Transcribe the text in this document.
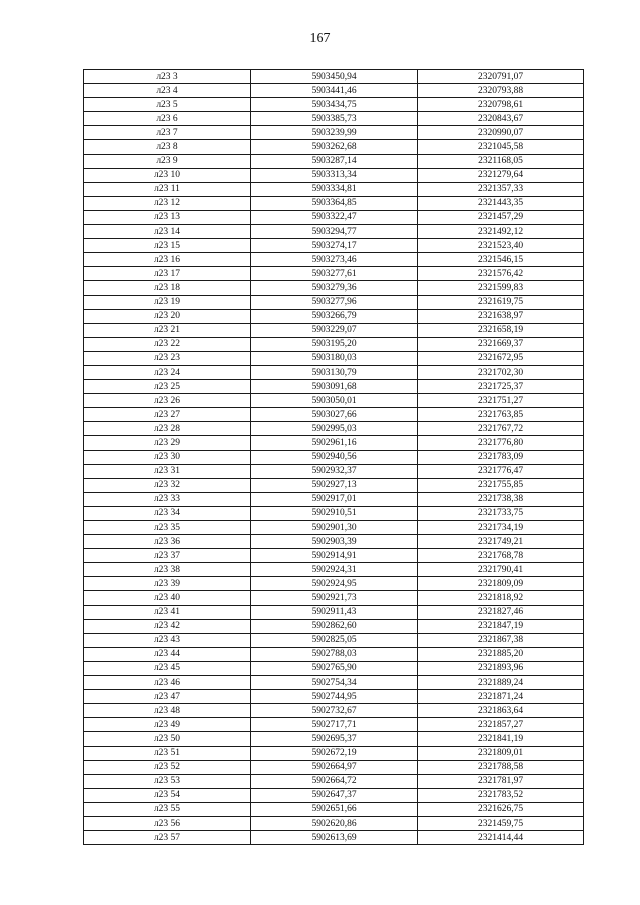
167
л23 3	5903450,94	2320791,07
л23 4	5903441,46	2320793,88
л23 5	5903434,75	2320798,61
л23 6	5903385,73	2320843,67
л23 7	5903239,99	2320990,07
л23 8	5903262,68	2321045,58
л23 9	5903287,14	2321168,05
л23 10	5903313,34	2321279,64
л23 11	5903334,81	2321357,33
л23 12	5903364,85	2321443,35
л23 13	5903322,47	2321457,29
л23 14	5903294,77	2321492,12
л23 15	5903274,17	2321523,40
л23 16	5903273,46	2321546,15
л23 17	5903277,61	2321576,42
л23 18	5903279,36	2321599,83
л23 19	5903277,96	2321619,75
л23 20	5903266,79	2321638,97
л23 21	5903229,07	2321658,19
л23 22	5903195,20	2321669,37
л23 23	5903180,03	2321672,95
л23 24	5903130,79	2321702,30
л23 25	5903091,68	2321725,37
л23 26	5903050,01	2321751,27
л23 27	5903027,66	2321763,85
л23 28	5902995,03	2321767,72
л23 29	5902961,16	2321776,80
л23 30	5902940,56	2321783,09
л23 31	5902932,37	2321776,47
л23 32	5902927,13	2321755,85
л23 33	5902917,01	2321738,38
л23 34	5902910,51	2321733,75
л23 35	5902901,30	2321734,19
л23 36	5902903,39	2321749,21
л23 37	5902914,91	2321768,78
л23 38	5902924,31	2321790,41
л23 39	5902924,95	2321809,09
л23 40	5902921,73	2321818,92
л23 41	5902911,43	2321827,46
л23 42	5902862,60	2321847,19
л23 43	5902825,05	2321867,38
л23 44	5902788,03	2321885,20
л23 45	5902765,90	2321893,96
л23 46	5902754,34	2321889,24
л23 47	5902744,95	2321871,24
л23 48	5902732,67	2321863,64
л23 49	5902717,71	2321857,27
л23 50	5902695,37	2321841,19
л23 51	5902672,19	2321809,01
л23 52	5902664,97	2321788,58
л23 53	5902664,72	2321781,97
л23 54	5902647,37	2321783,52
л23 55	5902651,66	2321626,75
л23 56	5902620,86	2321459,75
л23 57	5902613,69	2321414,44
